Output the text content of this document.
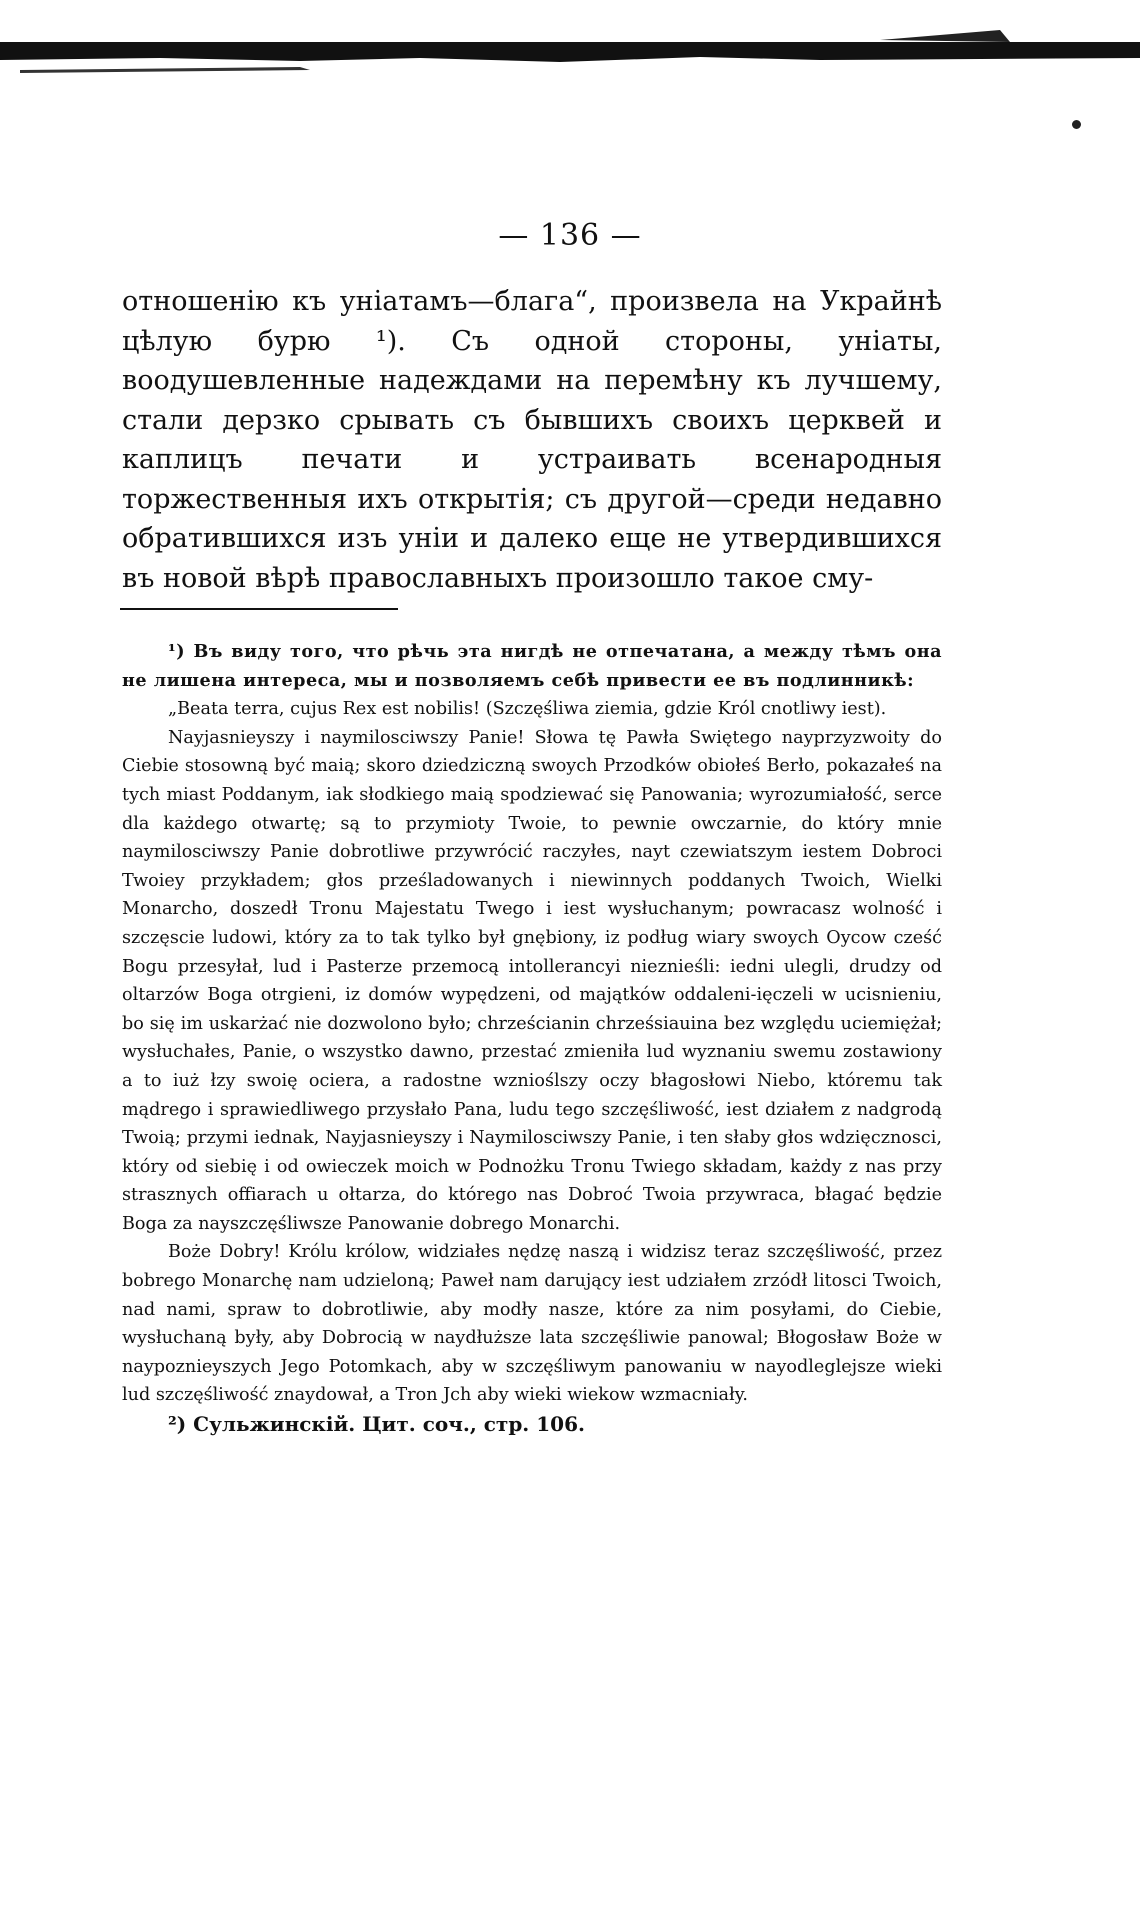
— 136 —

отношенію къ уніатамъ—блага“, произвела на Украйнѣ цѣлую бурю ¹). Съ одной стороны, уніаты, воодушевленные надеждами на перемѣну къ лучшему, стали дерзко срывать съ бывшихъ своихъ церквей и каплицъ печати и устраивать всенародныя торжественныя ихъ открытія; съ другой—среди недавно обратившихся изъ уніи и далеко еще не утвердившихся въ новой вѣрѣ православныхъ произошло такое сму-

¹) Въ виду того, что рѣчь эта нигдѣ не отпечатана, а между тѣмъ она не лишена интереса, мы и позволяемъ себѣ привести ее въ подлинникѣ:

„Beata terra, cujus Rex est nobilis! (Szczęśliwa ziemia, gdzie Król cnotliwy iest).

Nayjasnieyszy i naymilosciwszy Panie! Słowa tę Pawła Swiętego nayprzyzwoity do Ciebie stosowną być maią; skoro dziedziczną swoych Przodków obiołeś Berło, pokazałeś na tych miast Poddanym, iak słodkiego maią spodziewać się Panowania; wyrozumiałość, serce dla każdego otwartę; są to przymioty Twoie, to pewnie owczarnie, do który mnie naymilosciwszy Panie dobrotliwe przywrócić raczyłes, nayt czewiatszym iestem Dobroci Twoiey przykładem; głos prześladowanych i niewinnych poddanych Twoich, Wielki Monarcho, doszedł Tronu Majestatu Twego i iest wysłuchanym; powracasz wolność i szczęscie ludowi, który za to tak tylko był gnębiony, iz podług wiary swoych Oycow cześć Bogu przesyłał, lud i Pasterze przemocą intollerancyi nieznieśli: iedni ulegli, drudzy od oltarzów Boga otrgieni, iz domów wypędzeni, od majątków oddaleni-ięczeli w ucisnieniu, bo się im uskarżać nie dozwolono było; chrześcianin chrześsiauina bez względu uciemiężał; wysłuchałes, Panie, o wszystko dawno, przestać zmieniła lud wyznaniu swemu zostawiony a to iuż łzy swoię ociera, a radostne wznioślszy oczy błagosłowi Niebo, któremu tak mądrego i sprawiedliwego przysłało Pana, ludu tego szczęśliwość, iest działem z nadgrodą Twoią; przymi iednak, Nayjasnieyszy i Naymilosciwszy Panie, i ten słaby głos wdzięcznosci, który od siebię i od owieczek moich w Podnożku Tronu Twiego składam, każdy z nas przy strasznych offiarach u ołtarza, do którego nas Dobroć Twoia przywraca, błagać będzie Boga za nayszczęśliwsze Panowanie dobrego Monarchi.

Boże Dobry! Królu królow, widziałes nędzę naszą i widzisz teraz szczęśliwość, przez bobrego Monarchę nam udzieloną; Paweł nam darujący iest udziałem zrzódł litosci Twoich, nad nami, spraw to dobrotliwie, aby modły nasze, które za nim posyłami, do Ciebie, wysłuchaną były, aby Dobrocią w naydłuższe lata szczęśliwie panowal; Błogosław Boże w naypoznieyszych Jego Potomkach, aby w szczęśliwym panowaniu w nayodleglejsze wieki lud szczęśliwość znaydował, a Tron Jch aby wieki wiekow wzmacniały.

²) Сульжинскій. Цит. соч., стр. 106.
